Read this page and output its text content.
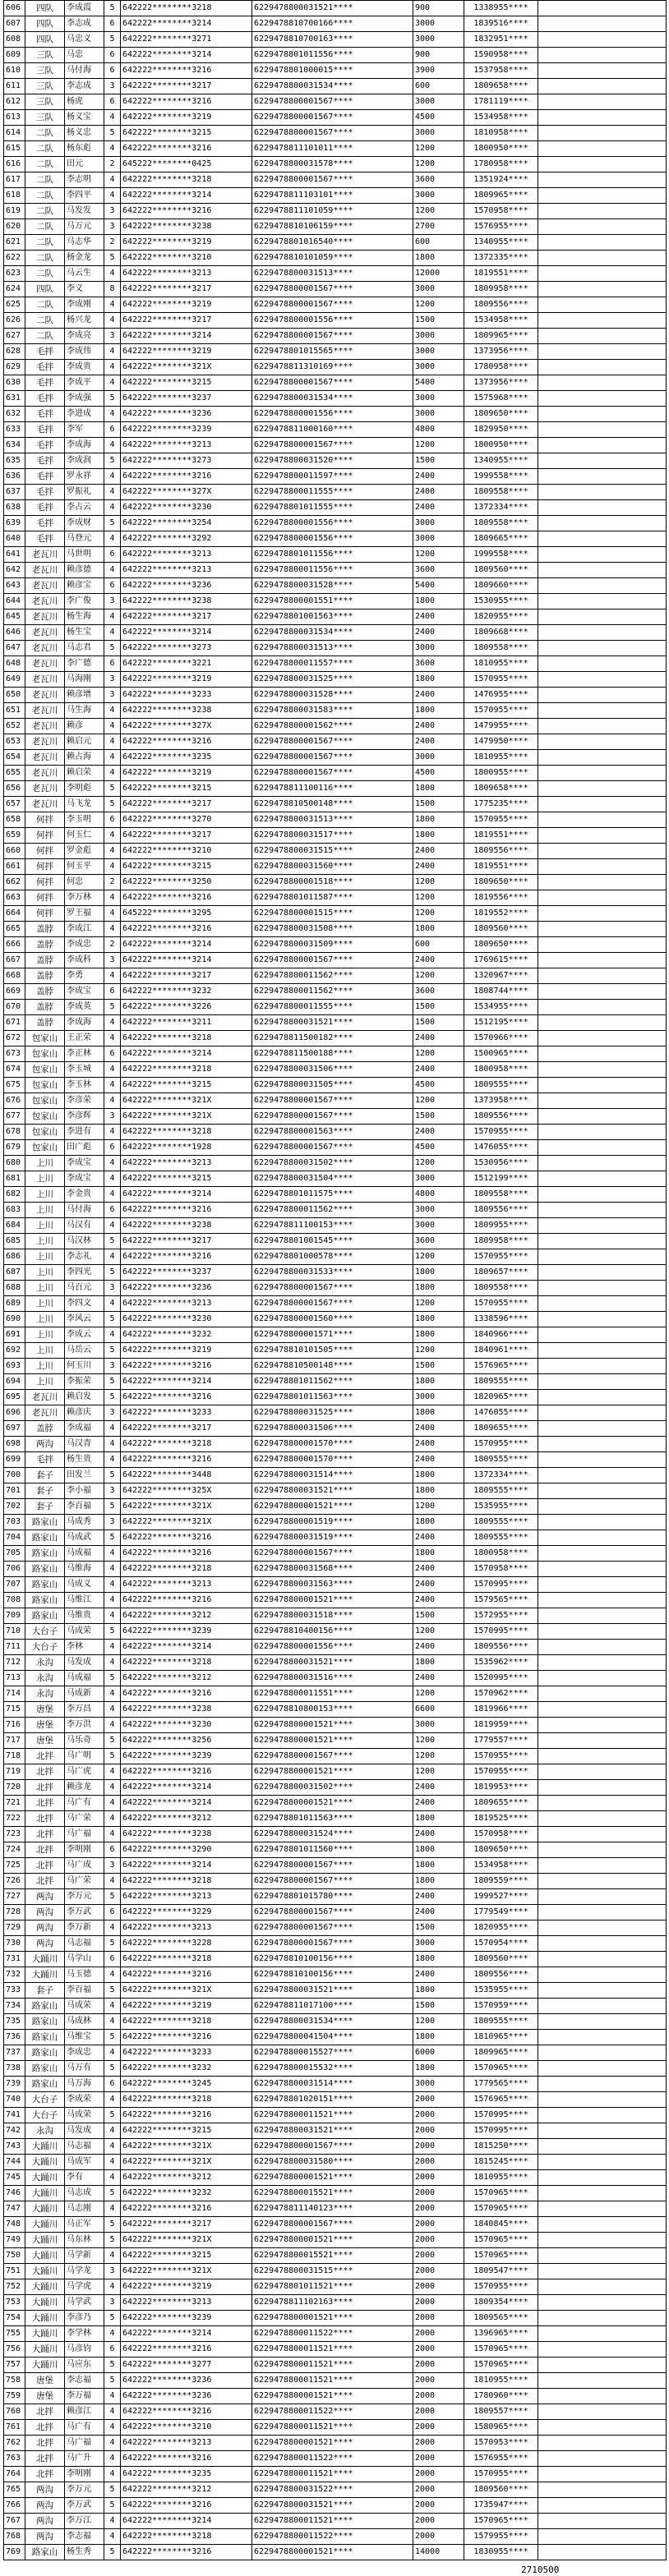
606	四队	李成霞	5	642222********3218	6229478800031521****	900	1338955****	
607	四队	李志成	6	642222********3214	6229478810700166****	3000	1839516****	
608	四队	马忠义	5	642222********3271	6229478810700163****	3000	1832951****	
609	三队	马忠	6	642222********3214	6229478801011556****	900	1590958****	
610	三队	马付海	6	642222********3216	6229478801000015****	3900	1537958****	
611	三队	李志成	3	642222********3217	6229478800031534****	600	1809658****	
612	三队	杨虎	6	642222********3216	6229478800001567****	3000	1781119****	
613	三队	杨义宝	4	642222********3219	6229478800001567****	4500	1534958****	
614	二队	杨义忠	5	642222********3215	6229478800001567****	3000	1810958****	
615	二队	杨东彪	4	642222********3216	6229478811101011****	1200	1800950****	
616	二队	田元	2	645222********0425	6229478800031578****	1200	1780958****	
617	二队	李志明	4	642222********3218	6229478800001567****	3600	1351924****	
618	二队	李四平	4	642222********3214	6229478811103101****	3000	1809965****	
619	二队	马发发	3	642222********3216	6229478811101059****	1200	1570958****	
620	二队	马万元	3	642222********3238	6229478810106159****	2700	1576955****	
621	二队	马志华	2	642222********3219	6229478801016540****	600	1340955****	
622	二队	杨金龙	5	642222********3210	6229478810101059****	1800	1372335****	
623	二队	马云生	4	642222********3213	6229478800031513****	12000	1819551****	
624	四队	李义	8	642222********3217	6229478800001567****	3000	1809958****	
625	二队	李成刚	4	642222********3219	6229478800001567****	1200	1809556****	
626	二队	杨兴龙	4	642222********3217	6229478800001556****	1500	1534958****	
627	二队	李成亮	3	642222********3214	6229478800001567****	3000	1809965****	
628	毛拌	李成伟	4	642222********3219	6229478801015565****	3000	1373956****	
629	毛拌	李成贵	4	642222********321X	6229478811310169****	3000	1780958****	
630	毛拌	李成平	4	642222********3215	6229478800001567****	5400	1373956****	
631	毛拌	李成强	5	642222********3237	6229478800031534****	3000	1575968****	
632	毛拌	李进成	4	642222********3236	6229478800001556****	3000	1809650****	
633	毛拌	李军	6	642222********3239	6229478811000160****	4800	1829950****	
634	毛拌	李成海	4	642222********3213	6229478800001567****	1200	1800950****	
635	毛拌	李成润	5	642222********3273	6229478800031520****	1500	1340955****	
636	毛拌	罗永祥	4	642222********3216	6229478800011597****	2400	1999558****	
637	毛拌	罗振礼	4	642222********327X	6229478800011555****	2400	1809558****	
638	毛拌	李占云	4	642222********3230	6229478801011555****	2400	1372334****	
639	毛拌	李成财	5	642222********3254	6229478800001556****	3000	1809558****	
640	毛拌	马登元	4	642222********3292	6229478800001556****	3000	1809665****	
641	老瓦川	马世明	6	642222********3213	6229478801011556****	1200	1999558****	
642	老瓦川	赖彦德	4	642222********3213	6229478800011556****	3600	1809560****	
643	老瓦川	赖彦宝	6	642222********3236	6229478800031528****	5400	1809660****	
644	老瓦川	李广俊	3	642222********3238	6229478800001551****	1800	1530955****	
645	老瓦川	杨生海	4	642222********3217	6229478801001563****	2400	1820955****	
646	老瓦川	杨生宝	4	642222********3214	6229478800031534****	2400	1809668****	
647	老瓦川	马志君	5	642222********3273	6229478800031513****	3000	1809558****	
648	老瓦川	李广德	6	642222********3221	6229478800011557****	3600	1810955****	
649	老瓦川	马海刚	3	642222********3219	6229478800031525****	1800	1570955****	
650	老瓦川	赖彦增	3	642222********3233	6229478800031528****	2400	1476955****	
651	老瓦川	马生海	4	642222********3238	6229478800031583****	1800	1570955****	
652	老瓦川	赖彦	4	642222********327X	6229478800001562****	2400	1479955****	
653	老瓦川	赖启元	4	642222********3216	6229478800001567****	2400	1479950****	
654	老瓦川	赖占海	4	642222********3235	6229478800001567****	3000	1810955****	
655	老瓦川	赖启荣	4	642222********3219	6229478800001567****	4500	1800955****	
656	老瓦川	李明彪	5	642222********3215	6229478811100116****	1800	1809658****	
657	老瓦川	马飞龙	5	642222********3217	6229478810500148****	1500	1775235****	
658	何拌	李玉明	6	642222********3270	6229478800031513****	1800	1570955****	
659	何拌	何玉仁	4	642222********3217	6229478800031517****	1800	1819551****	
660	何拌	罗金彪	4	642222********3210	6229478800031515****	2400	1809556****	
661	何拌	何玉平	4	642222********3215	6229478800031560****	2400	1819551****	
662	何拌	何忠	2	642222********3250	6229478800001518****	1200	1809650****	
663	何拌	李万林	4	642222********3216	6229478801011587****	1200	1819556****	
664	何拌	罗王福	4	645222********3295	6229478800001515****	1200	1819552****	
665	盖脖	李成江	4	642222********3216	6229478800031508****	1800	1809560****	
666	盖脖	李成忠	2	642222********3214	6229478800031509****	600	1809650****	
667	盖脖	李成科	3	642222********3214	6229478800001567****	2400	1769615****	
668	盖脖	李勇	4	642222********3217	6229478800011562****	1200	1320967****	
669	盖脖	李成宝	6	642222********3232	6229478800011562****	3600	1808744****	
670	盖脖	李成英	5	642222********3226	6229478800011555****	1500	1534955****	
671	盖脖	李成海	4	642222********3211	6229478800031521****	1500	1512195****	
672	包家山	王正荣	4	642222********3218	6229478811500182****	2400	1570966****	
673	包家山	李正林	6	642222********3214	6229478811500188****	1200	1500965****	
674	包家山	李玉城	4	642222********3218	6229478800031506****	2400	1800958****	
675	包家山	李玉林	4	642222********3215	6229478800031505****	4500	1809555****	
676	包家山	李彦荣	4	642222********321X	6229478800001567****	1200	1373958****	
677	包家山	李彦辉	3	642222********321X	6229478800001567****	1500	1809556****	
678	包家山	李进有	4	642222********3218	6229478800001563****	2400	1570955****	
679	包家山	田广彪	6	642222********1928	6229478800001567****	4500	1476055****	
680	上川	李成宝	4	642222********3213	6229478800031502****	1200	1530956****	
681	上川	李成宝	4	642222********3215	6229478800031504****	3000	1512199****	
682	上川	李金贵	4	642222********3214	6229478801011575****	4800	1809558****	
683	上川	马付海	6	642222********3216	6229478800011562****	3000	1809556****	
684	上川	马汉有	4	642222********3238	6229478811100153****	3000	1809955****	
685	上川	马汉林	5	642222********3217	6229478801001545****	3600	1809958****	
686	上川	李志礼	4	642222********3216	6229478801000578****	1200	1570955****	
687	上川	李四光	5	642222********3237	6229478800031533****	1800	1809657****	
688	上川	马百元	3	642222********3236	6229478800001567****	1800	1809558****	
689	上川	李四文	4	642222********3213	6229478800001567****	1200	1570955****	
690	上川	李风云	5	642222********3230	6229478800001560****	1800	1338596****	
691	上川	李成云	4	642222********3232	6229478800001571****	1800	1840966****	
692	上川	马岳云	5	642222********3219	6229478810101505****	1200	1840961****	
693	上川	何玉川	3	642222********3216	6229478810500148****	1500	1576965****	
694	上川	李振荣	5	642222********3214	6229478801011562****	1800	1809555****	
695	老瓦川	赖启发	5	642222********3216	6229478801011563****	3000	1820965****	
696	老瓦川	赖彦庆	3	642222********3233	6229478800031525****	1800	1476055****	
697	盖脖	李成福	4	642222********3217	6229478800031506****	2400	1809655****	
698	两沟	马汉青	4	642222********3218	6229478800001570****	2400	1570955****	
699	毛拌	杨生贵	4	642222********3216	6229478800001570****	2400	1809555****	
700	套子	田发兰	5	642222********3448	6229478800031514****	1800	1372334****	
701	套子	李小福	3	642222********325X	6229478800031521****	1800	1809555****	
702	套子	李百福	5	642222********321X	6229478800001521****	1200	1535955****	
703	路家山	马成秀	3	642222********321X	6229478800001519****	1800	1809555****	
704	路家山	马成武	5	642222********3216	6229478800031519****	2400	1809555****	
705	路家山	马成福	4	642222********3216	6229478800001567****	1800	1800958****	
706	路家山	马维海	4	642222********3218	6229478800031568****	2400	1570958****	
707	路家山	马成义	4	642222********3213	6229478800031563****	2400	1570995****	
708	路家山	马维江	4	642222********3216	6229478800001521****	2400	1579565****	
709	路家山	马维贵	4	642222********3212	6229478800031518****	1500	1572955****	
710	大台子	马成荣	5	642222********3239	6229478810400156****	1200	1570995****	
711	大台子	李林	4	642222********3214	6229478800001556****	2400	1809556****	
712	永沟	马发成	4	642222********3218	6229478800031521****	1800	1535962****	
713	永沟	马成福	5	642222********3212	6229478800031516****	2400	1520995****	
714	永沟	马成新	4	642222********3216	6229478800011551****	1200	1570962****	
715	唐堡	李万昌	4	642222********3238	6229478810800153****	6600	1819966****	
716	唐堡	李万洪	4	642222********3230	6229478800001521****	3000	1819959****	
717	唐堡	马乐奇	5	642222********3256	6229478800001521****	1200	1779557****	
718	北拌	马广明	5	642222********3239	6229478800001567****	1200	1570955****	
719	北拌	马广虎	4	642222********3216	6229478800001521****	1200	1570955****	
720	北拌	赖彦龙	4	642222********3214	6229478800031502****	2400	1819953****	
721	北拌	马广有	4	642222********3214	6229478800001521****	2400	1809655****	
722	北拌	马广荣	4	642222********3212	6229478801011563****	1800	1819525****	
723	北拌	马广福	4	642222********3238	6229478800031524****	2400	1570958****	
724	北拌	李明刚	6	642222********3290	6229478801011560****	1800	1809650****	
725	北拌	马广成	3	642222********3214	6229478800001567****	1800	1534958****	
726	北拌	马广荣	4	642222********3218	6229478800001567****	1800	1809559****	
727	两沟	李万元	5	642222********3213	6229478801015780****	2400	1999527****	
728	两沟	李万武	6	642222********3229	6229478800001567****	2400	1779549****	
729	两沟	李万新	4	642222********3213	6229478800001567****	1500	1820955****	
730	两沟	马志福	5	642222********3228	6229478800001567****	3000	1570954****	
731	大踊川	马学山	6	642222********3218	6229478810100156****	1800	1809560****	
732	大踊川	马玉德	4	642222********3216	6229478810100156****	2400	1809556****	
733	套子	李百福	5	642222********321X	6229478800031521****	1800	1535955****	
734	路家山	马成荣	4	642222********3219	6229478811017100****	1500	1570959****	
735	路家山	马成林	4	642222********3218	6229478800031534****	1200	1809555****	
736	路家山	马维宝	5	642222********3216	6229478800041504****	1800	1810965****	
737	路家山	李成忠	4	642222********3233	6229478800015527****	6000	1809965****	
738	路家山	马万有	5	642222********3232	6229478800015532****	1800	1570965****	
739	路家山	马万海	6	642222********3245	6229478800031514****	3000	1779565****	
740	大台子	李成荣	4	642222********3218	6229478801020151****	2000	1576965****	
741	大台子	马成荣	5	642222********3216	6229478800011521****	2000	1570995****	
742	永沟	马发成	4	642222********3215	6229478800031521****	2000	1570995****	
743	大踊川	马志福	4	642222********321X	6229478800001567****	2000	1815250****	
744	大踊川	马成军	4	642222********321X	6229478800031580****	2000	1815245****	
745	大踊川	李有	4	642222********3212	6229478800001521****	2000	1810955****	
746	大踊川	马志成	5	642222********3232	6229478800015521****	2000	1570965****	
747	大踊川	马志刚	4	642222********3216	6229478811140123****	2000	1570965****	
748	大踊川	马正军	5	642222********3217	6229478800001567****	2000	1840845****	
749	大踊川	马东林	5	642222********321X	6229478800001521****	2000	1570965****	
750	大踊川	马学新	4	642222********3215	6229478800015521****	2000	1570965****	
751	大踊川	马学龙	3	642222********321X	6229478800031515****	2000	1809547****	
752	大踊川	马学虎	4	642222********3219	6229478801011521****	2000	1570955****	
753	大踊川	马学武	3	642222********3213	6229478811102163****	2000	1809354****	
754	大踊川	李彦乃	5	642222********3239	6229478800001521****	2000	1809565****	
755	大踊川	李学林	4	642222********3214	6229478800011522****	2000	1396965****	
756	大踊川	马彦钧	6	642222********3216	6229478800011521****	2000	1570965****	
757	大踊川	马应东	5	642222********3277	6229478800011521****	2000	1570965****	
758	唐堡	李志福	5	642222********3236	6229478800011521****	2000	1810955****	
759	唐堡	李万福	4	642222********3236	6229478800001521****	2000	1780960****	
760	北拌	赖彦江	4	642222********3216	6229478800011522****	2000	1809557****	
761	北拌	马广有	4	642222********3210	6229478800011521****	2000	1580965****	
762	北拌	马广福	4	642222********3213	6229478800001521****	2000	1570953****	
763	北拌	马广升	4	642222********3216	6229478800011522****	2000	1576955****	
764	北拌	李明刚	4	642222********3235	6229478800011521****	2000	1570955****	
765	两沟	李万元	5	642222********3212	6229478800031522****	2000	1809560****	
766	两沟	李万武	5	642222********3216	6229478800031521****	2000	1735947****	
767	两沟	李万江	4	642222********3214	6229478800011521****	2000	1570965****	
768	两沟	李志福	4	642222********3218	6229478800011522****	2000	1579955****	
769	路家山	杨生秀	5	642222********3216	6229478800001521****	14000	1830955****	
2710500
